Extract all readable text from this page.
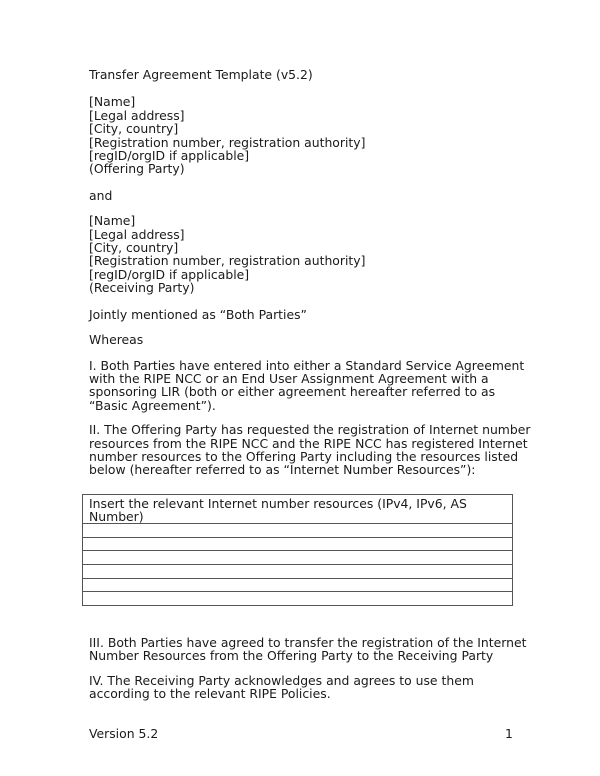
Transfer Agreement Template (v5.2)

[Name]
[Legal address]
[City, country]
[Registration number, registration authority]
[regID/orgID if applicable]
(Offering Party)

and

[Name]
[Legal address]
[City, country]
[Registration number, registration authority]
[regID/orgID if applicable]
(Receiving Party)

Jointly mentioned as “Both Parties”

Whereas

I. Both Parties have entered into either a Standard Service Agreement
with the RIPE NCC or an End User Assignment Agreement with a
sponsoring LIR (both or either agreement hereafter referred to as
“Basic Agreement”).
II. The Offering Party has requested the registration of Internet number
resources from the RIPE NCC and the RIPE NCC has registered Internet
number resources to the Offering Party including the resources listed
below (hereafter referred to as “Internet Number Resources”):
Insert the relevant Internet number resources (IPv4, IPv6, AS Number)

III. Both Parties have agreed to transfer the registration of the Internet
Number Resources from the Offering Party to the Receiving Party
IV. The Receiving Party acknowledges and agrees to use them
according to the relevant RIPE Policies.
Version 5.2	1
